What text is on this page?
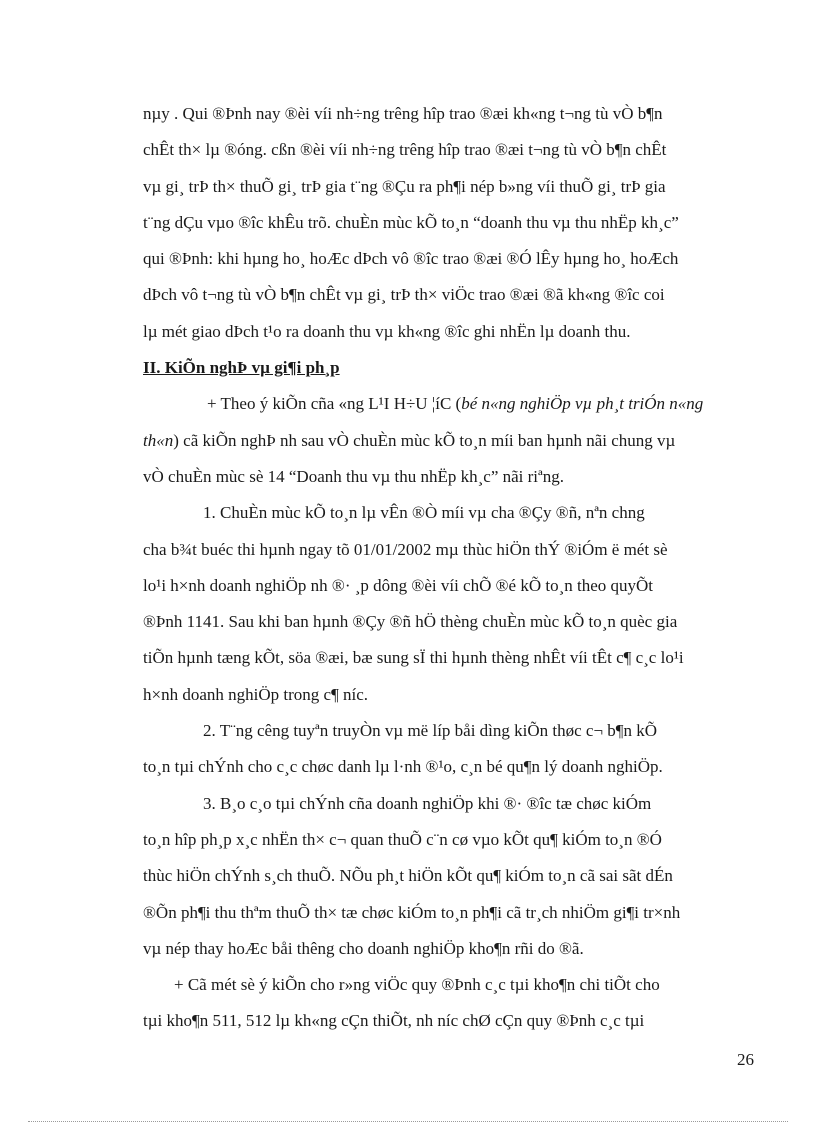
nµy . Qui ®Þnh nay ®èi víi nh÷ng trêng hîp trao ®æi kh«ng t¬ng tù vÒ b¶n
chÊt th× lµ ®óng. cßn ®èi víi nh÷ng trêng hîp trao ®æi t¬ng tù vÒ b¶n chÊt
vµ gi¸ trÞ th× thuÕ gi¸ trÞ gia t¨ng ®Çu ra ph¶i nép b»ng víi thuÕ gi¸ trÞ gia
t¨ng dÇu vµo ®îc khÊu trõ. chuÈn mùc kÕ to¸n “doanh thu vµ thu nhËp kh¸c”
qui ®Þnh: khi hµng ho¸ hoÆc dÞch vô ®îc trao ®æi ®Ó lÊy hµng ho¸ hoÆch
dÞch vô t¬ng tù vÒ b¶n chÊt vµ gi¸ trÞ th× viÖc trao ®æi ®ã kh«ng ®îc coi
lµ mét giao dÞch t¹o ra doanh thu vµ kh«ng ®îc ghi nhËn lµ doanh thu.
II. KiÕn nghÞ vµ gi¶i ph¸p
+ Theo ý kiÕn cña «ng L¹I H÷U ¦íC (bé n«ng nghiÖp vµ ph¸t triÓn n«ng
th«n) cã kiÕn nghÞ nh sau vÒ chuÈn mùc kÕ to¸n míi ban hµnh nãi chung vµ
vÒ chuÈn mùc sè 14 “Doanh thu vµ thu nhËp kh¸c” nãi riªng.
1. ChuÈn mùc kÕ to¸n lµ vÊn ®Ò míi vµ cha ®Çy ®ñ, nªn chng
cha b¾t buéc thi hµnh ngay tõ 01/01/2002 mµ thùc hiÖn thÝ ®iÓm ë mét sè
lo¹i h×nh doanh nghiÖp nh ®· ¸p dông ®èi víi chÕ ®é kÕ to¸n theo quyÕt
®Þnh 1141. Sau khi ban hµnh ®Çy ®ñ hÖ thèng chuÈn mùc kÕ to¸n quèc gia
tiÕn hµnh tæng kÕt, söa ®æi, bæ sung sÏ thi hµnh thèng nhÊt víi tÊt c¶ c¸c lo¹i
h×nh doanh nghiÖp trong c¶ níc.
2. T¨ng cêng tuyªn truyÒn vµ më líp båi dìng kiÕn thøc c¬ b¶n kÕ
to¸n tµi chÝnh cho c¸c chøc danh lµ l·nh ®¹o, c¸n bé qu¶n lý doanh nghiÖp.
3. B¸o c¸o tµi chÝnh cña doanh nghiÖp khi ®· ®îc tæ chøc kiÓm
to¸n hîp ph¸p x¸c nhËn th× c¬ quan thuÕ c¨n cø vµo kÕt qu¶ kiÓm to¸n ®Ó
thùc hiÖn chÝnh s¸ch thuÕ. NÕu ph¸t hiÖn kÕt qu¶ kiÓm to¸n cã sai sãt dÉn
®Õn ph¶i thu thªm thuÕ th× tæ chøc kiÓm to¸n ph¶i cã tr¸ch nhiÖm gi¶i tr×nh
vµ nép thay hoÆc båi thêng cho doanh nghiÖp kho¶n rñi do ®ã.
+ Cã mét sè ý kiÕn cho r»ng viÖc quy ®Þnh c¸c tµi kho¶n chi tiÕt cho
tµi kho¶n 511, 512 lµ kh«ng cÇn thiÕt, nh níc chØ cÇn quy ®Þnh c¸c tµi
26
